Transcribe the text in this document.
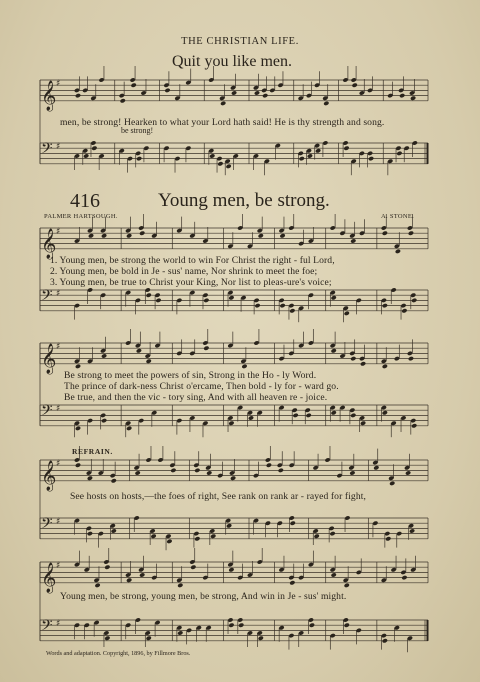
𝄞 ♯
𝄢 ♯
𝄞 ♯
𝄢 ♯
𝄞 ♯
𝄢 ♯
𝄞 ♯
𝄢 ♯
𝄞 ♯
𝄢 ♯
THE CHRISTIAN LIFE.
Quit you like men.
men, be strong! Hearken to what your Lord hath said! He is thy strength and song.
be strong!
416	Young men, be strong.
PALMER HARTSOUGH.	A. STONE.
1. Young men, be strong the world to win For Christ the right - ful Lord,
2. Young men, be bold in Je - sus' name, Nor shrink to meet the foe;
3. Young men, be true to Christ your King, Nor list to pleas-ure's voice;
Be strong to meet the powers of sin, Strong in the Ho - ly Word.
The prince of dark-ness Christ o'ercame, Then bold - ly for - ward go.
Be true, and then the vic - tory sing, And with all heaven re - joice.
REFRAIN.
See hosts on hosts,—the foes of right, See rank on rank ar - rayed for fight,
Young men, be strong, young men, be strong, And win in Je - sus' might.
Words and adaptation. Copyright, 1896, by Fillmore Bros.
